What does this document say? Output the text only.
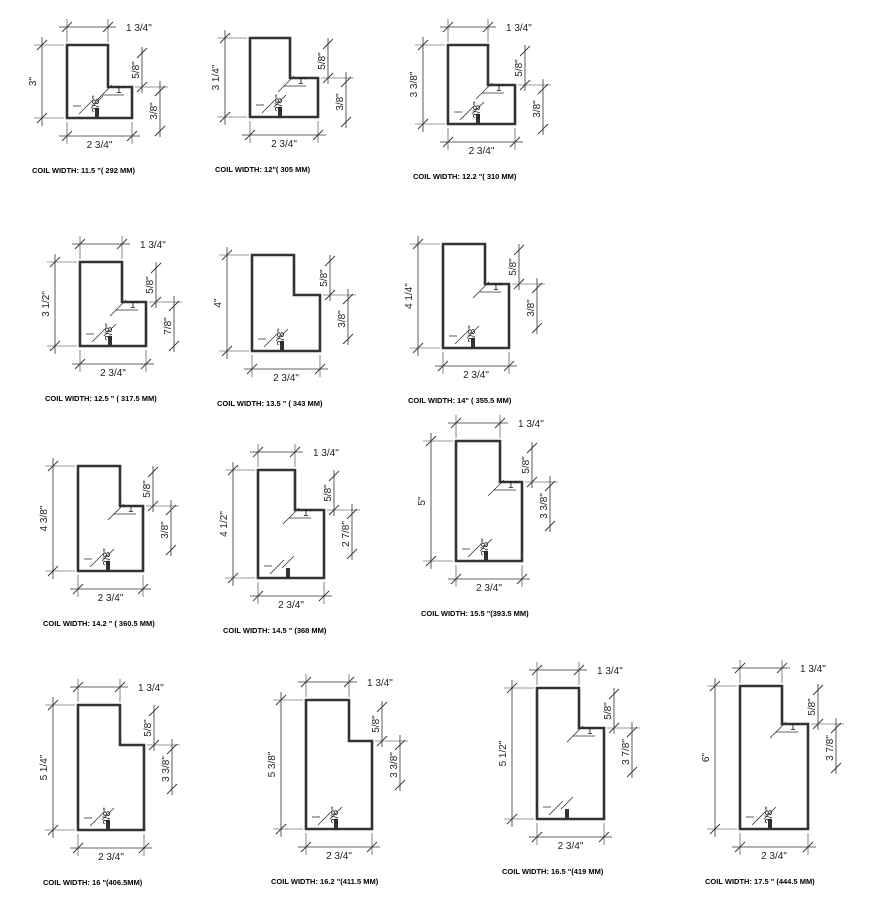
3"
2 3/4"
1 3/4"
5/8"
3/8"
1"
3/8"
COIL WIDTH: 11.5 "( 292 MM)
3 1/4"
2 3/4"
5/8"
3/8"
1"
3/8"
COIL WIDTH: 12"( 305 MM)
3 3/8"
2 3/4"
1 3/4"
5/8"
3/8"
1"
3/8"
COIL WIDTH: 12.2 "( 310 MM)
3 1/2"
2 3/4"
1 3/4"
5/8"
7/8"
1"
3/8"
COIL WIDTH: 12.5 " ( 317.5 MM)
4"
2 3/4"
5/8"
3/8"
3/8"
COIL WIDTH: 13.5 " ( 343 MM)
4 1/4"
2 3/4"
5/8"
3/8"
1"
3/8"
COIL WIDTH: 14" ( 355.5 MM)
4 3/8"
2 3/4"
5/8"
3/8"
1"
3/8"
COIL WIDTH: 14.2 " ( 360.5 MM)
4 1/2"
2 3/4"
1 3/4"
5/8"
2 7/8"
1"
COIL WIDTH: 14.5 " (368 MM)
5"
2 3/4"
1 3/4"
5/8"
3 3/8"
1"
3/8"
COIL WIDTH: 15.5 "(393.5 MM)
5 1/4"
2 3/4"
1 3/4"
5/8"
3 3/8"
3/8"
COIL WIDTH: 16 "(406.5MM)
5 3/8"
2 3/4"
1 3/4"
5/8"
3 3/8"
3/8"
COIL WIDTH: 16.2 "(411.5 MM)
5 1/2"
2 3/4"
1 3/4"
5/8"
3 7/8"
1"
COIL WIDTH: 16.5 "(419 MM)
6"
2 3/4"
1 3/4"
5/8"
3 7/8"
1"
3/8"
COIL WIDTH: 17.5 " (444.5 MM)
